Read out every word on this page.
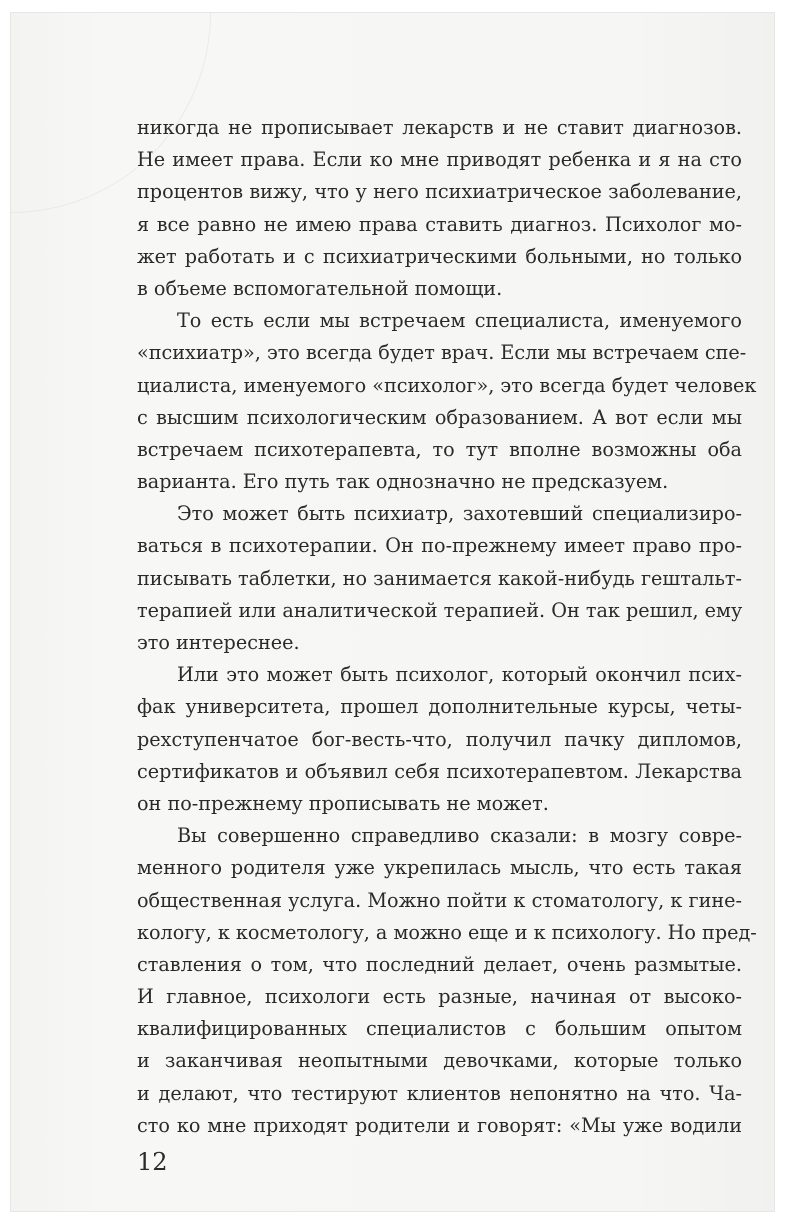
никогда не прописывает лекарств и не ставит диагнозов.
Не имеет права. Если ко мне приводят ребенка и я на сто
процентов вижу, что у него психиатрическое заболевание,
я все равно не имею права ставить диагноз. Психолог мо-
жет работать и с психиатрическими больными, но только
в объеме вспомогательной помощи.
То есть если мы встречаем специалиста, именуемого
«психиатр», это всегда будет врач. Если мы встречаем спе-
циалиста, именуемого «психолог», это всегда будет человек
с высшим психологическим образованием. А вот если мы
встречаем психотерапевта, то тут вполне возможны оба
варианта. Его путь так однозначно не предсказуем.
Это может быть психиатр, захотевший специализиро-
ваться в психотерапии. Он по-прежнему имеет право про-
писывать таблетки, но занимается какой-нибудь гештальт-
терапией или аналитической терапией. Он так решил, ему
это интереснее.
Или это может быть психолог, который окончил псих-
фак университета, прошел дополнительные курсы, четы-
рехступенчатое бог-весть-что, получил пачку дипломов,
сертификатов и объявил себя психотерапевтом. Лекарства
он по-прежнему прописывать не может.
Вы совершенно справедливо сказали: в мозгу совре-
менного родителя уже укрепилась мысль, что есть такая
общественная услуга. Можно пойти к стоматологу, к гине-
кологу, к косметологу, а можно еще и к психологу. Но пред-
ставления о том, что последний делает, очень размытые.
И главное, психологи есть разные, начиная от высоко-
квалифицированных специалистов с большим опытом
и заканчивая неопытными девочками, которые только
и делают, что тестируют клиентов непонятно на что. Ча-
сто ко мне приходят родители и говорят: «Мы уже водили
12
